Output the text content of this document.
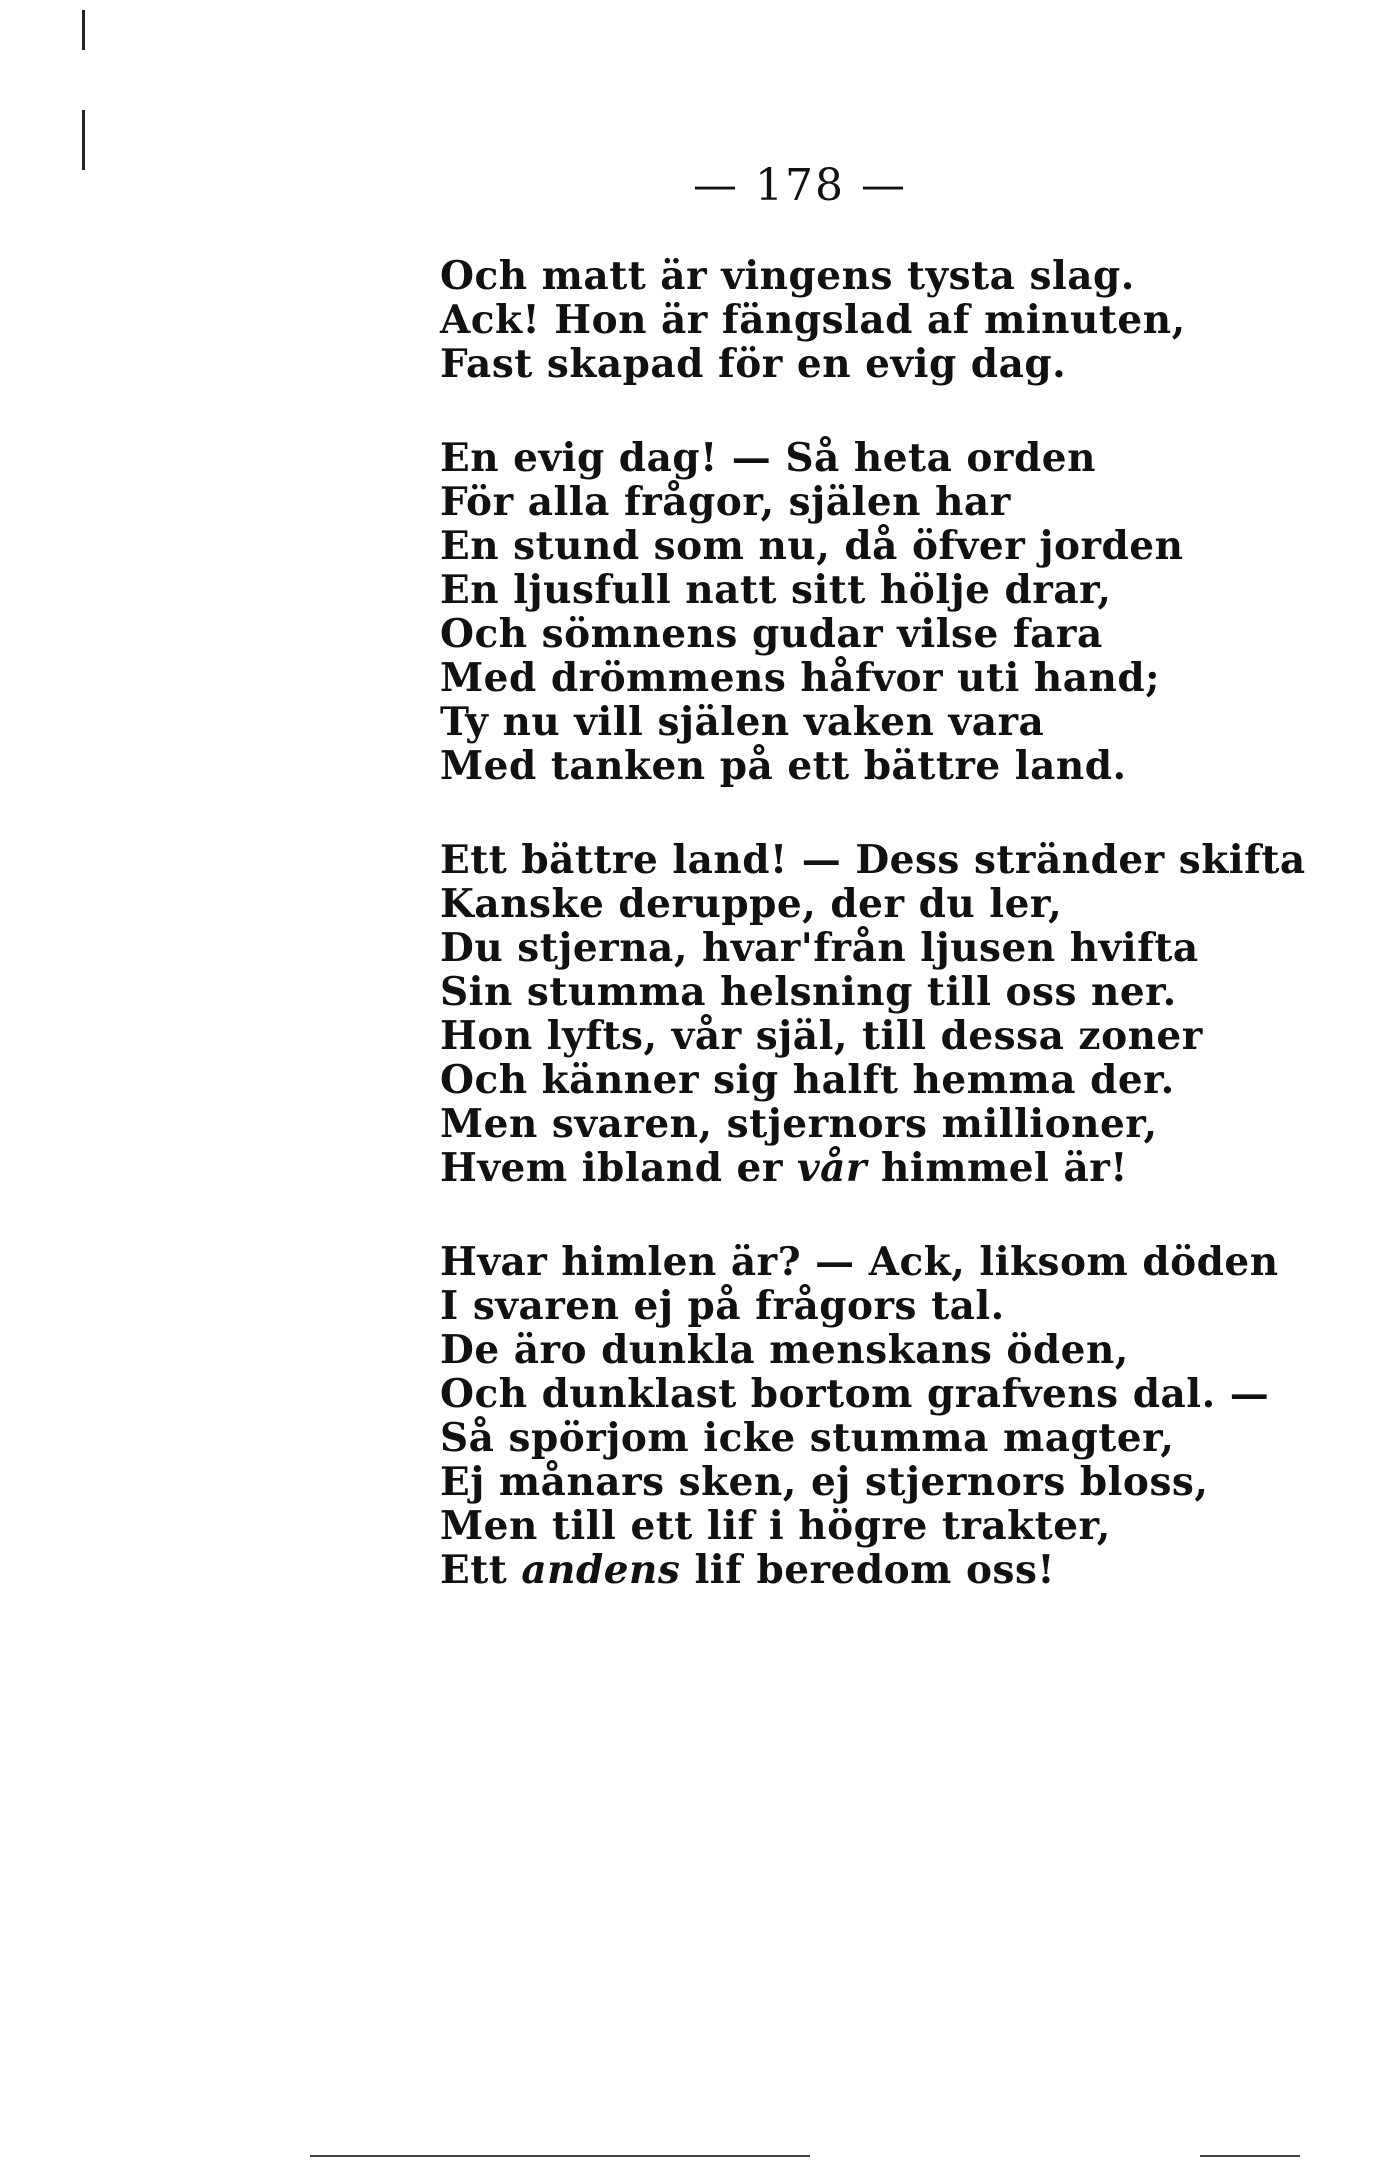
— 178 —
Och matt är vingens tysta slag.
Ack! Hon är fängslad af minuten,
Fast skapad för en evig dag.
En evig dag! — Så heta orden
För alla frågor, själen har
En stund som nu, då öfver jorden
En ljusfull natt sitt hölje drar,
Och sömnens gudar vilse fara
Med drömmens håfvor uti hand;
Ty nu vill själen vaken vara
Med tanken på ett bättre land.
Ett bättre land! — Dess stränder skifta
Kanske deruppe, der du ler,
Du stjerna, hvar'från ljusen hvifta
Sin stumma helsning till oss ner.
Hon lyfts, vår själ, till dessa zoner
Och känner sig halft hemma der.
Men svaren, stjernors millioner,
Hvem ibland er vår himmel är!
Hvar himlen är? — Ack, liksom döden
I svaren ej på frågors tal.
De äro dunkla menskans öden,
Och dunklast bortom grafvens dal. —
Så spörjom icke stumma magter,
Ej månars sken, ej stjernors bloss,
Men till ett lif i högre trakter,
Ett andens lif beredom oss!
